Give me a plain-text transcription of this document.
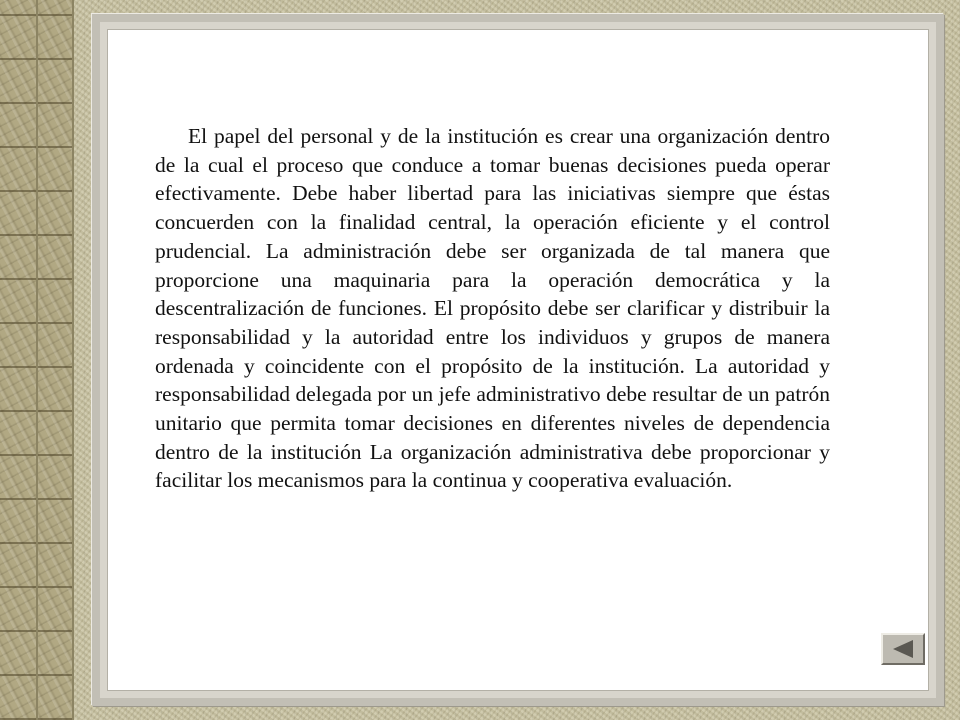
El papel del personal y de la institución es crear una organización dentro de la cual el proceso que conduce a tomar buenas decisiones pueda operar efectivamente. Debe haber libertad para las iniciativas siempre que éstas concuerden con la finalidad central, la operación eficiente y el control prudencial. La administración debe ser organizada de tal manera que proporcione una maquinaria para la operación democrática y la descentralización de funciones. El propósito debe ser clarificar y distribuir la responsabilidad y la autoridad entre los individuos y grupos de manera ordenada y coincidente con el propósito de la institución. La autoridad y responsabilidad delegada por un jefe administrativo debe resultar de un patrón unitario que permita tomar decisiones en diferentes niveles de dependencia dentro de la institución La organización administrativa debe proporcionar y facilitar los mecanismos para la continua y cooperativa evaluación.
